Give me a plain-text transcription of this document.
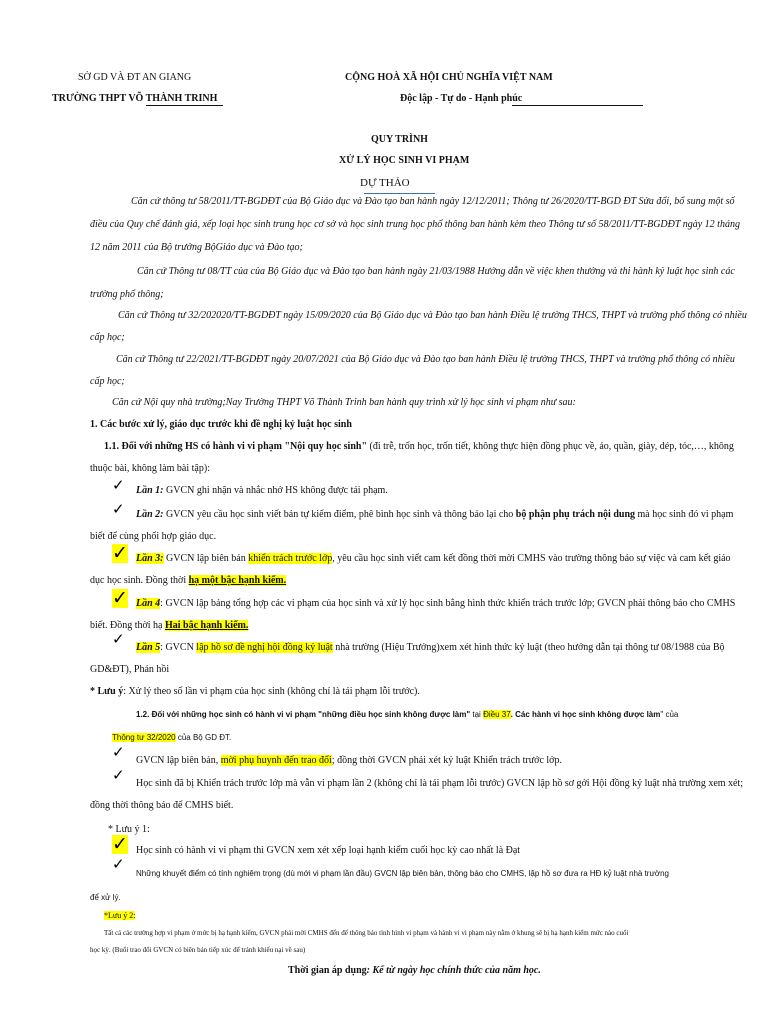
SỞ GD VÀ ĐT AN GIANG
TRƯỜNG THPT VÕ THÀNH TRINH
CỘNG HOÀ XÃ HỘI CHỦ NGHĨA VIỆT NAM
Độc lập - Tự do - Hạnh phúc
QUY TRÌNH
XỬ LÝ HỌC SINH VI PHẠM
DỰ THẢO
Căn cứ thông tư 58/2011/TT-BGDĐT của Bộ Giáo dục và Đào tạo ban hành ngày 12/12/2011; Thông tư 26/2020/TT-BGD ĐT Sửa đổi, bổ sung một số
điều của Quy chế đánh giá, xếp loại học sinh trung học cơ sở và học sinh trung học phổ thông ban hành kèm theo Thông tư số 58/2011/TT-BGDĐT ngày 12 tháng
12 năm 2011 của Bộ trưởng BộGiáo dục và Đào tạo;
Căn cứ Thông tư 08/TT của của Bộ Giáo dục và Đào tạo ban hành ngày 21/03/1988 Hướng dẫn về việc khen thưởng và thi hành kỷ luật học sinh các
trường phổ thông;
Căn cứ Thông tư 32/202020/TT-BGDĐT ngày 15/09/2020 của Bộ Giáo dục và Đào tạo ban hành Điều lệ trường THCS, THPT và trường phổ thông có nhiều
cấp học;
Căn cứ Thông tư 22/2021/TT-BGDĐT ngày 20/07/2021 của Bộ Giáo dục và Đào tạo ban hành Điều lệ trường THCS, THPT và trường phổ thông có nhiều
cấp học;
Căn cứ Nội quy nhà trường;Nay Trường THPT Võ Thành Trinh ban hành quy trình xử lý học sinh vi phạm như sau:
1. Các bước xử lý, giáo dục trước khi đề nghị kỷ luật học sinh
1.1. Đối với những HS có hành vi vi phạm "Nội quy học sinh" (đi trễ, trốn học, trốn tiết, không thực hiện đồng phục về, áo, quần, giày, dép, tóc,…, không
thuộc bài, không làm bài tập):
✓ Lần 1: GVCN ghi nhận và nhắc nhở HS không được tái phạm.
✓ Lần 2: GVCN yêu cầu học sinh viết bản tự kiểm điểm, phê bình học sinh và thông báo lại cho bộ phận phụ trách nội dung mà học sinh đó vi phạm
biết để cùng phối hợp giáo dục.
✓ Lần 3: GVCN lập biên bản khiển trách trước lớp, yêu cầu học sinh viết cam kết đồng thời mời CMHS vào trường thông báo sự việc và cam kết giáo
dục học sinh. Đồng thời hạ một bậc hạnh kiểm.
✓ Lần 4: GVCN lập bảng tổng hợp các vi phạm của học sinh và xử lý học sinh bằng hình thức khiển trách trước lớp; GVCN phải thông báo cho CMHS
biết. Đồng thời hạ Hai bậc hạnh kiểm.
✓ Lần 5: GVCN lập hồ sơ đề nghị hội đồng kỷ luật nhà trường (Hiệu Trưởng)xem xét hình thức kỷ luật (theo hướng dẫn tại thông tư 08/1988 của Bộ
GD&ĐT), Phản hồi
* Lưu ý: Xử lý theo số lần vi phạm của học sinh (không chỉ là tái phạm lỗi trước).
1.2. Đối với những học sinh có hành vi vi phạm "những điều học sinh không được làm" tại Điều 37. Các hành vi học sinh không được làm" của
Thông tư 32/2020 của Bộ GD ĐT.
✓ GVCN lập biên bản, mời phụ huynh đến trao đổi; đồng thời GVCN phải xét kỷ luật Khiển trách trước lớp.
✓ Học sinh đã bị Khiển trách trước lớp mà vẫn vi phạm lần 2 (không chỉ là tái phạm lỗi trước) GVCN lập hồ sơ gởi Hội đồng kỷ luật nhà trường xem xét;
đồng thời thông báo để CMHS biết.
* Lưu ý 1:
✓ Học sinh có hành vi vi phạm thì GVCN xem xét xếp loại hạnh kiểm cuối học kỳ cao nhất là Đạt
✓
Những khuyết điểm có tính nghiêm trọng (dù mới vi phạm lần đầu) GVCN lập biên bản, thông báo cho CMHS, lập hồ sơ đưa ra HĐ kỷ luật nhà trường
để xử lý.
*Lưu ý 2:
Tất cả các trường hợp vi phạm ở mức bị hạ hạnh kiểm, GVCN phải mời CMHS đến để thông báo tình hình vi phạm và hành vi vi phạm này nằm ở khung sẽ bị hạ hạnh kiểm mức nào cuối
học kỳ. (Buổi trao đổi GVCN có biên bản tiếp xúc để tránh khiếu nại về sau)
Thời gian áp dụng: Kể từ ngày học chính thức của năm học.
